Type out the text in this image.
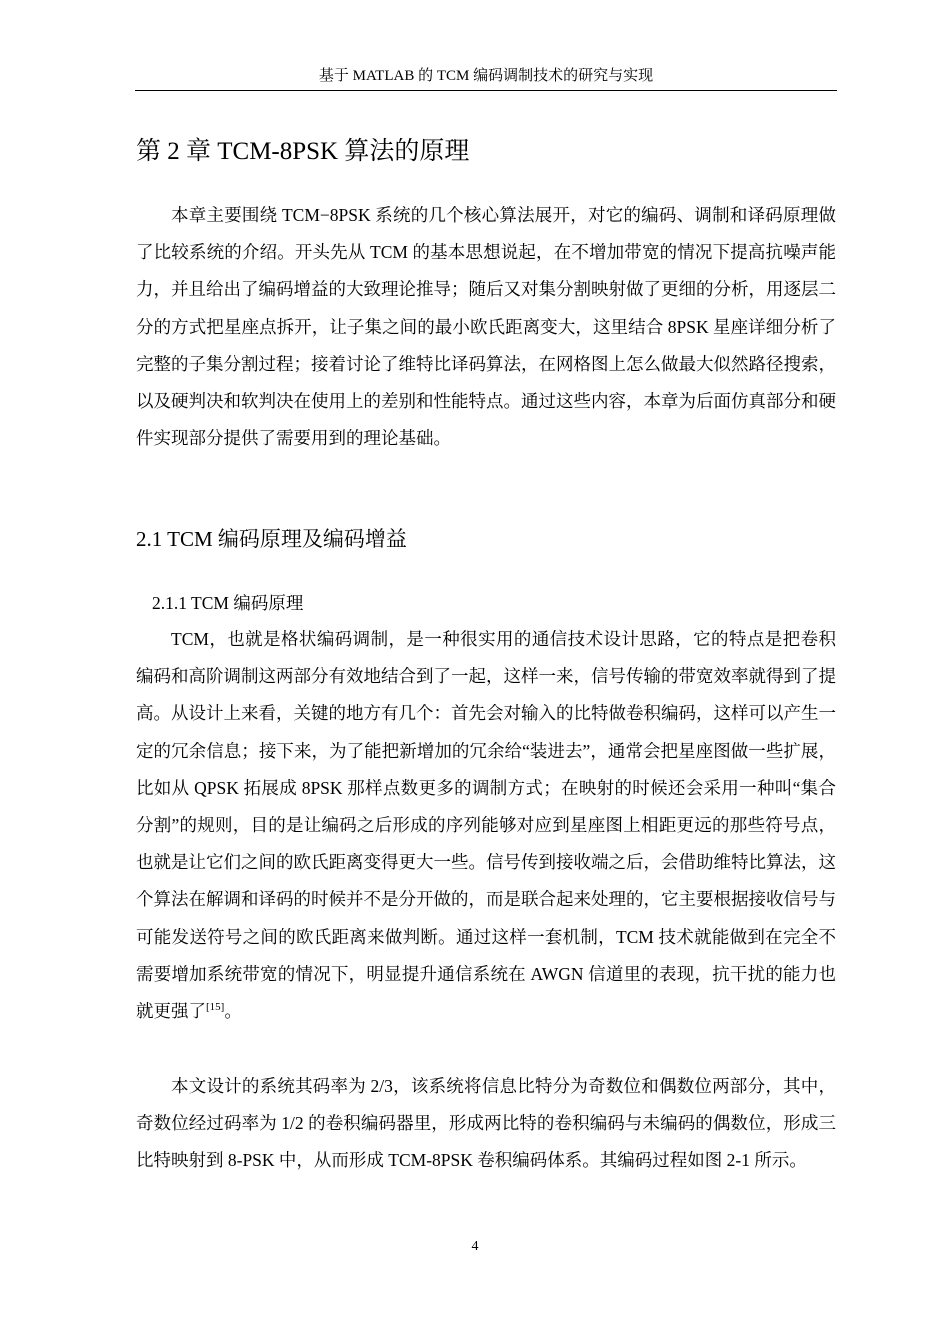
基于 MATLAB 的 TCM 编码调制技术的研究与实现
第 2 章 TCM-8PSK 算法的原理

本章主要围绕 TCM−8PSK 系统的几个核心算法展开，对它的编码、调制和译码原理做了比较系统的介绍。开头先从 TCM 的基本思想说起，在不增加带宽的情况下提高抗噪声能力，并且给出了编码增益的大致理论推导；随后又对集分割映射做了更细的分析，用逐层二分的方式把星座点拆开，让子集之间的最小欧氏距离变大，这里结合 8PSK 星座详细分析了完整的子集分割过程；接着讨论了维特比译码算法，在网格图上怎么做最大似然路径搜索，以及硬判决和软判决在使用上的差别和性能特点。通过这些内容，本章为后面仿真部分和硬件实现部分提供了需要用到的理论基础。

2.1 TCM 编码原理及编码增益
2.1.1 TCM 编码原理

TCM，也就是格状编码调制，是一种很实用的通信技术设计思路，它的特点是把卷积编码和高阶调制这两部分有效地结合到了一起，这样一来，信号传输的带宽效率就得到了提高。从设计上来看，关键的地方有几个：首先会对输入的比特做卷积编码，这样可以产生一定的冗余信息；接下来，为了能把新增加的冗余给“装进去”，通常会把星座图做一些扩展，比如从 QPSK 拓展成 8PSK 那样点数更多的调制方式；在映射的时候还会采用一种叫“集合分割”的规则，目的是让编码之后形成的序列能够对应到星座图上相距更远的那些符号点，也就是让它们之间的欧氏距离变得更大一些。信号传到接收端之后，会借助维特比算法，这个算法在解调和译码的时候并不是分开做的，而是联合起来处理的，它主要根据接收信号与可能发送符号之间的欧氏距离来做判断。通过这样一套机制，TCM 技术就能做到在完全不需要增加系统带宽的情况下，明显提升通信系统在 AWGN 信道里的表现，抗干扰的能力也就更强了[15]。

本文设计的系统其码率为 2/3，该系统将信息比特分为奇数位和偶数位两部分，其中，奇数位经过码率为 1/2 的卷积编码器里，形成两比特的卷积编码与未编码的偶数位，形成三比特映射到 8-PSK 中，从而形成 TCM-8PSK 卷积编码体系。其编码过程如图 2-1 所示。

4
